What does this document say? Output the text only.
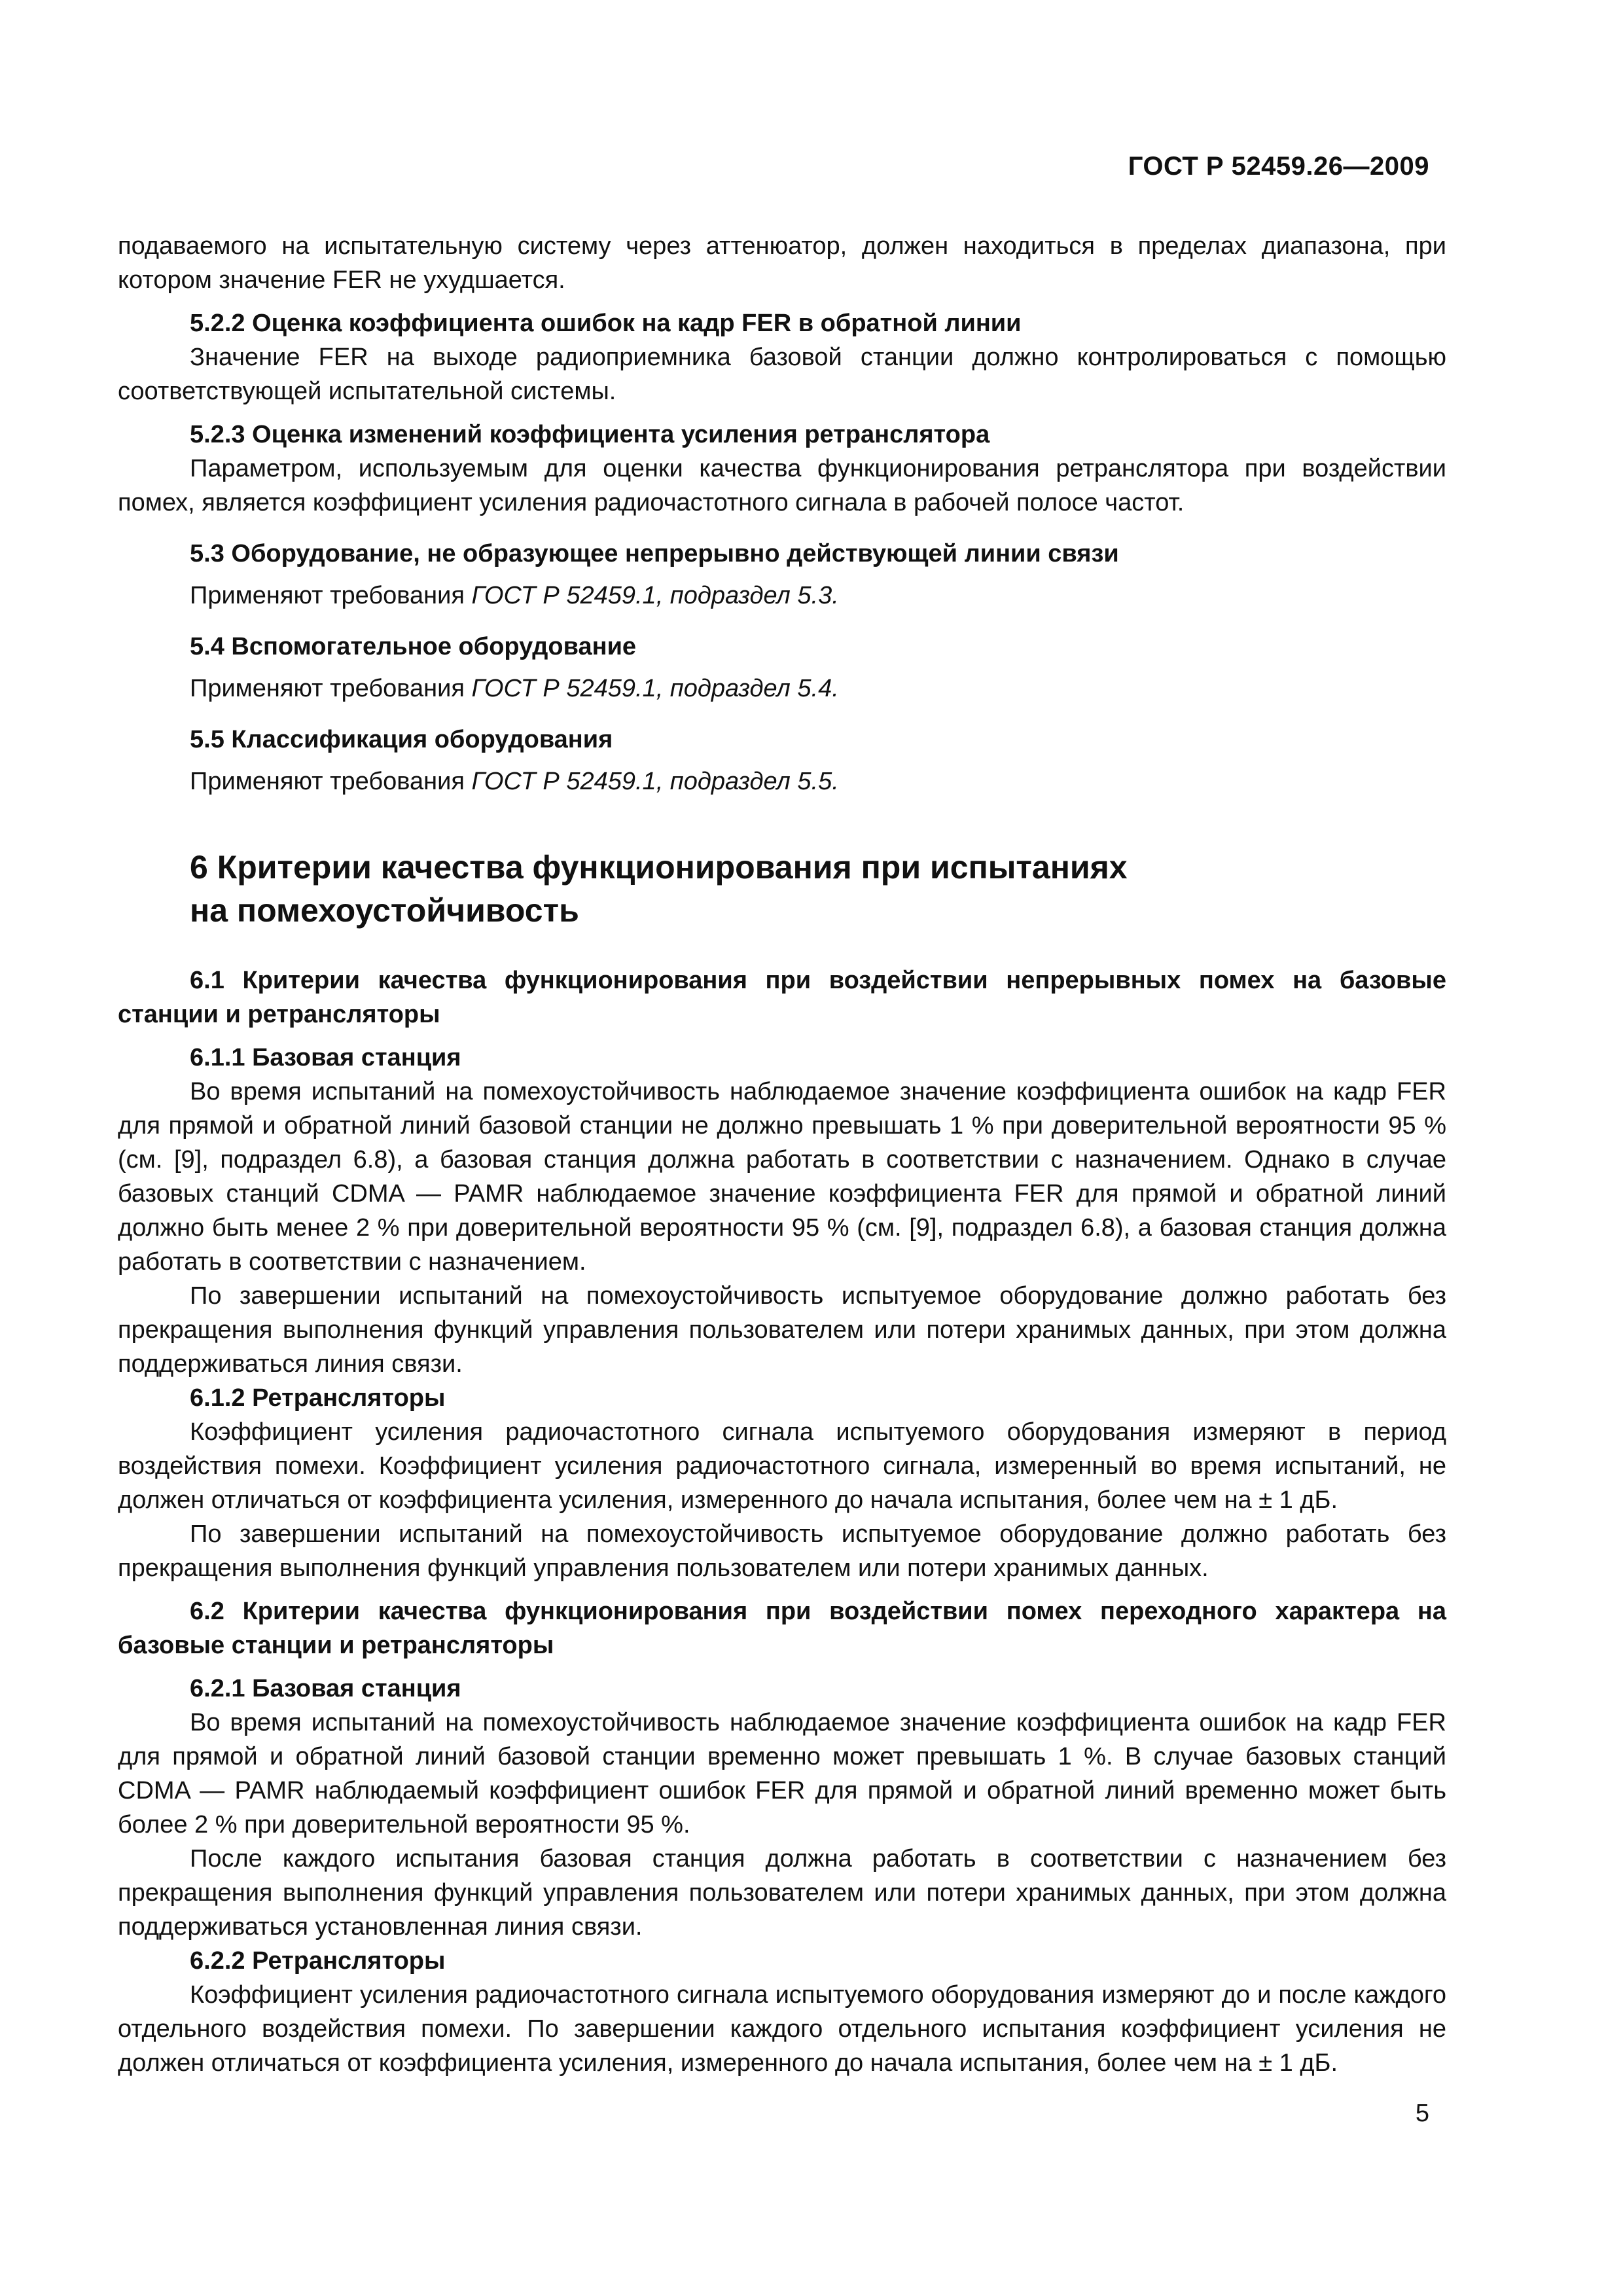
ГОСТ Р 52459.26—2009

подаваемого на испытательную систему через аттенюатор, должен находиться в пределах диапазона, при котором значение FER не ухудшается.

5.2.2 Оценка коэффициента ошибок на кадр FER в обратной линии

Значение FER на выходе радиоприемника базовой станции должно контролироваться с помощью соответствующей испытательной системы.

5.2.3 Оценка изменений коэффициента усиления ретранслятора

Параметром, используемым для оценки качества функционирования ретранслятора при воздействии помех, является коэффициент усиления радиочастотного сигнала в рабочей полосе частот.

5.3 Оборудование, не образующее непрерывно действующей линии связи

Применяют требования ГОСТ Р 52459.1, подраздел 5.3.

5.4 Вспомогательное оборудование

Применяют требования ГОСТ Р 52459.1, подраздел 5.4.

5.5 Классификация оборудования

Применяют требования ГОСТ Р 52459.1, подраздел 5.5.

6 Критерии качества функционирования при испытаниях
на помехоустойчивость

6.1 Критерии качества функционирования при воздействии непрерывных помех на базовые станции и ретрансляторы

6.1.1 Базовая станция

Во время испытаний на помехоустойчивость наблюдаемое значение коэффициента ошибок на кадр FER для прямой и обратной линий базовой станции не должно превышать 1 % при доверительной вероятности 95 % (см. [9], подраздел 6.8), а базовая станция должна работать в соответствии с назначением. Однако в случае базовых станций CDMA — PAMR наблюдаемое значение коэффициента FER для прямой и обратной линий должно быть менее 2 % при доверительной вероятности 95 % (см. [9], подраздел 6.8), а базовая станция должна работать в соответствии с назначением.

По завершении испытаний на помехоустойчивость испытуемое оборудование должно работать без прекращения выполнения функций управления пользователем или потери хранимых данных, при этом должна поддерживаться линия связи.

6.1.2 Ретрансляторы

Коэффициент усиления радиочастотного сигнала испытуемого оборудования измеряют в период воздействия помехи. Коэффициент усиления радиочастотного сигнала, измеренный во время испытаний, не должен отличаться от коэффициента усиления, измеренного до начала испытания, более чем на ± 1 дБ.

По завершении испытаний на помехоустойчивость испытуемое оборудование должно работать без прекращения выполнения функций управления пользователем или потери хранимых данных.

6.2 Критерии качества функционирования при воздействии помех переходного характера на базовые станции и ретрансляторы

6.2.1 Базовая станция

Во время испытаний на помехоустойчивость наблюдаемое значение коэффициента ошибок на кадр FER для прямой и обратной линий базовой станции временно может превышать 1 %. В случае базовых станций CDMA — PAMR наблюдаемый коэффициент ошибок FER для прямой и обратной линий временно может быть более 2 % при доверительной вероятности 95 %.

После каждого испытания базовая станция должна работать в соответствии с назначением без прекращения выполнения функций управления пользователем или потери хранимых данных, при этом должна поддерживаться установленная линия связи.

6.2.2 Ретрансляторы

Коэффициент усиления радиочастотного сигнала испытуемого оборудования измеряют до и после каждого отдельного воздействия помехи. По завершении каждого отдельного испытания коэффициент усиления не должен отличаться от коэффициента усиления, измеренного до начала испытания, более чем на ± 1 дБ.

5
